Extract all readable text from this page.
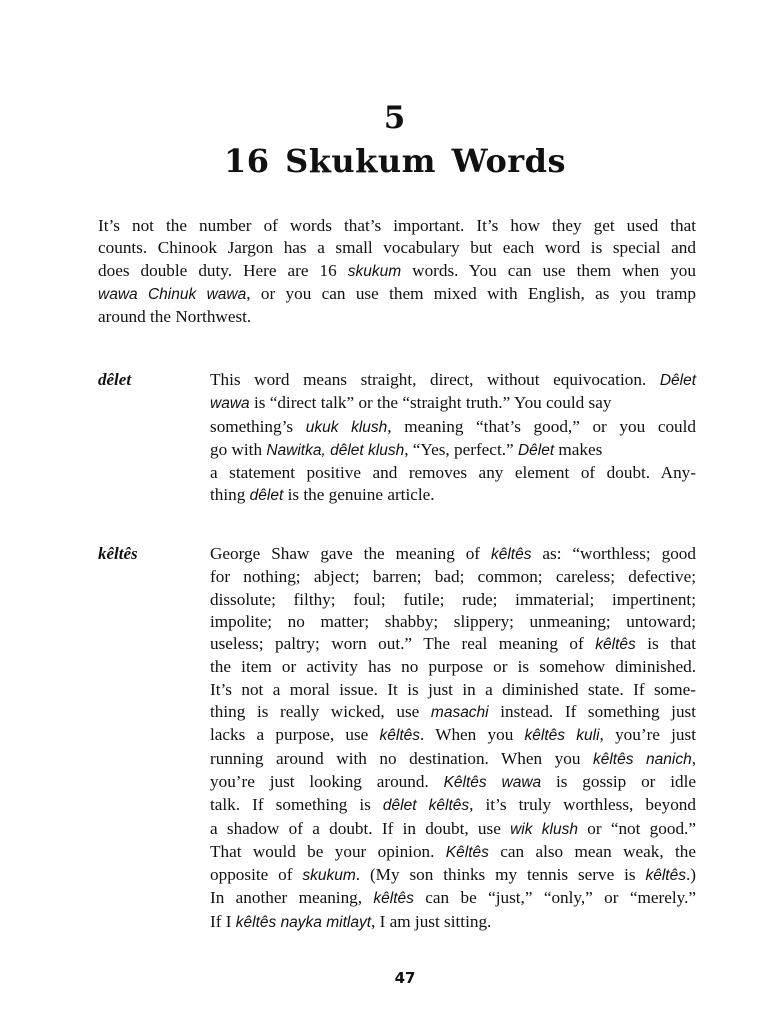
5
16 Skukum Words
It’s not the number of words that’s important. It’s how they get used that
counts. Chinook Jargon has a small vocabulary but each word is special and
does double duty. Here are 16 skukum words. You can use them when you
wawa Chinuk wawa, or you can use them mixed with English, as you tramp
around the Northwest.
dêlet	This word means straight, direct, without equivocation. Dêlet
wawa is “direct talk” or the “straight truth.” You could say
something’s ukuk klush, meaning “that’s good,” or you could
go with Nawitka, dêlet klush, “Yes, perfect.” Dêlet makes
a statement positive and removes any element of doubt. Any-
thing dêlet is the genuine article.
kêltês	George Shaw gave the meaning of kêltês as: “worthless; good
for nothing; abject; barren; bad; common; careless; defective;
dissolute; filthy; foul; futile; rude; immaterial; impertinent;
impolite; no matter; shabby; slippery; unmeaning; untoward;
useless; paltry; worn out.” The real meaning of kêltês is that
the item or activity has no purpose or is somehow diminished.
It’s not a moral issue. It is just in a diminished state. If some-
thing is really wicked, use masachi instead. If something just
lacks a purpose, use kêltês. When you kêltês kuli, you’re just
running around with no destination. When you kêltês nanich,
you’re just looking around. Kêltês wawa is gossip or idle
talk. If something is dêlet kêltês, it’s truly worthless, beyond
a shadow of a doubt. If in doubt, use wik klush or “not good.”
That would be your opinion. Kêltês can also mean weak, the
opposite of skukum. (My son thinks my tennis serve is kêltês.)
In another meaning, kêltês can be “just,” “only,” or “merely.”
If I kêltês nayka mitlayt, I am just sitting.
47
